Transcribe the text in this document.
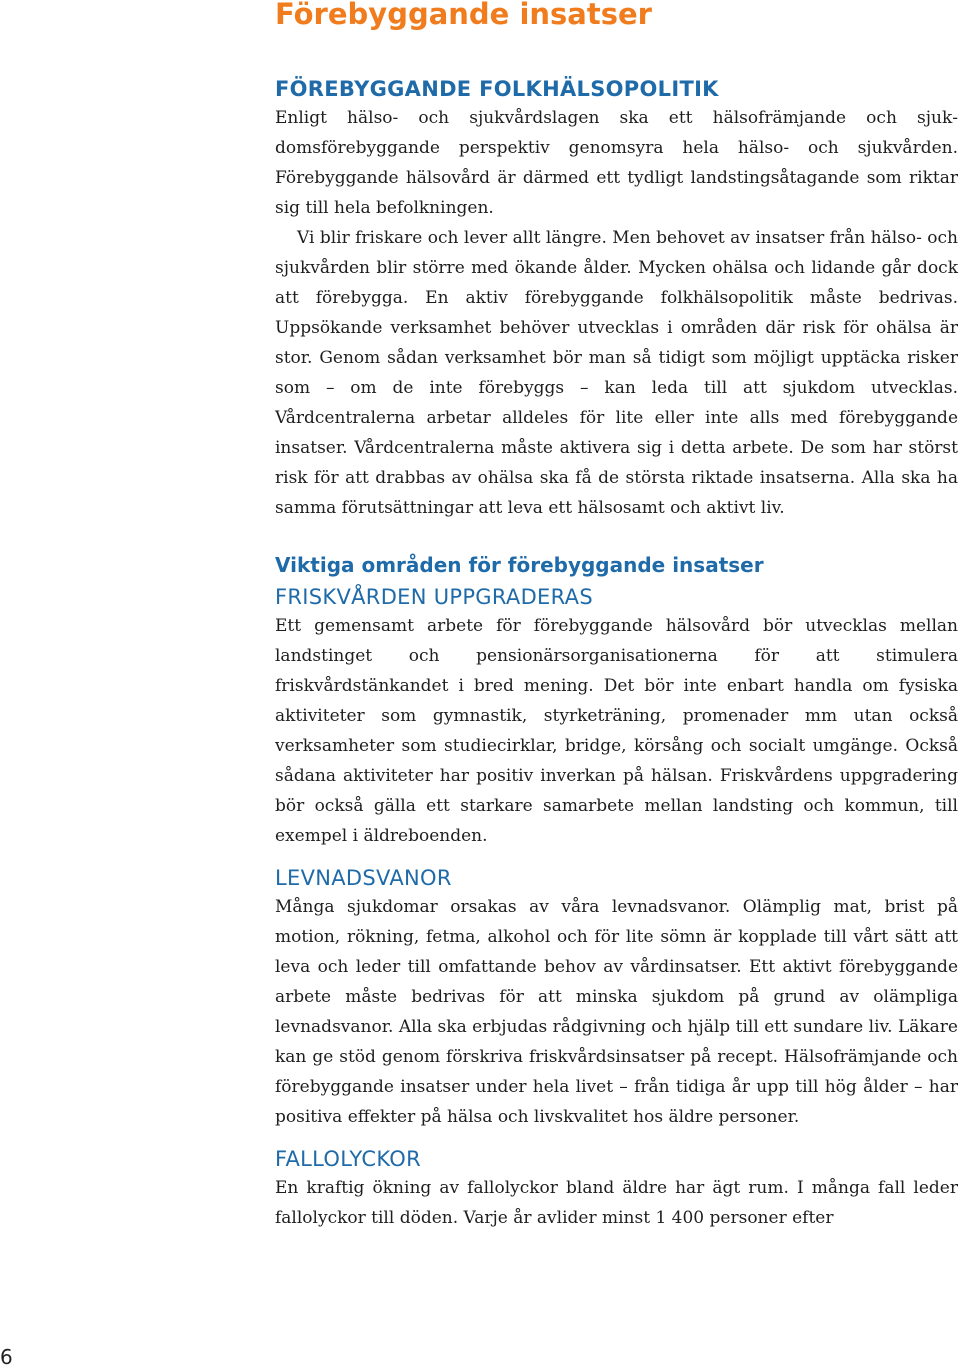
Förebyggande insatser
FÖREBYGGANDE FOLKHÄLSOPOLITIK

Enligt hälso- och sjukvårdslagen ska ett hälsofrämjande och sjukdomsförebyggande perspektiv genomsyra hela hälso- och sjukvården. Förebyggande hälsovård är därmed ett tydligt landstingsåtagande som riktar sig till hela befolkningen.

Vi blir friskare och lever allt längre. Men behovet av insatser från hälso- och sjukvården blir större med ökande ålder. Mycken ohälsa och lidande går dock att förebygga. En aktiv förebyggande folkhälsopolitik måste bedrivas. Uppsökande verksamhet behöver utvecklas i områden där risk för ohälsa är stor. Genom sådan verksamhet bör man så tidigt som möjligt upptäcka risker som – om de inte förebyggs – kan leda till att sjukdom utvecklas. Vårdcentralerna arbetar alldeles för lite eller inte alls med förebyggande insatser. Vårdcentralerna måste aktivera sig i detta arbete. De som har störst risk för att drabbas av ohälsa ska få de största riktade insatserna. Alla ska ha samma förutsättningar att leva ett hälsosamt och aktivt liv.

Viktiga områden för förebyggande insatser
FRISKVÅRDEN UPPGRADERAS

Ett gemensamt arbete för förebyggande hälsovård bör utvecklas mellan landstinget och pensionärsorganisationerna för att stimulera friskvårdstänkandet i bred mening. Det bör inte enbart handla om fysiska aktiviteter som gymnastik, styrketräning, promenader mm utan också verksamheter som studiecirklar, bridge, körsång och socialt umgänge. Också sådana aktiviteter har positiv inverkan på hälsan. Friskvårdens uppgradering bör också gälla ett starkare samarbete mellan landsting och kommun, till exempel i äldreboenden.

LEVNADSVANOR

Många sjukdomar orsakas av våra levnadsvanor. Olämplig mat, brist på motion, rökning, fetma, alkohol och för lite sömn är kopplade till vårt sätt att leva och leder till omfattande behov av vårdinsatser. Ett aktivt förebyggande arbete måste bedrivas för att minska sjukdom på grund av olämpliga levnadsvanor. Alla ska erbjudas rådgivning och hjälp till ett sundare liv. Läkare kan ge stöd genom förskriva friskvårdsinsatser på recept. Hälsofrämjande och förebyggande insatser under hela livet – från tidiga år upp till hög ålder – har positiva effekter på hälsa och livskvalitet hos äldre personer.

FALLOLYCKOR

En kraftig ökning av fallolyckor bland äldre har ägt rum. I många fall leder fallolyckor till döden. Varje år avlider minst 1 400 personer efter

6
